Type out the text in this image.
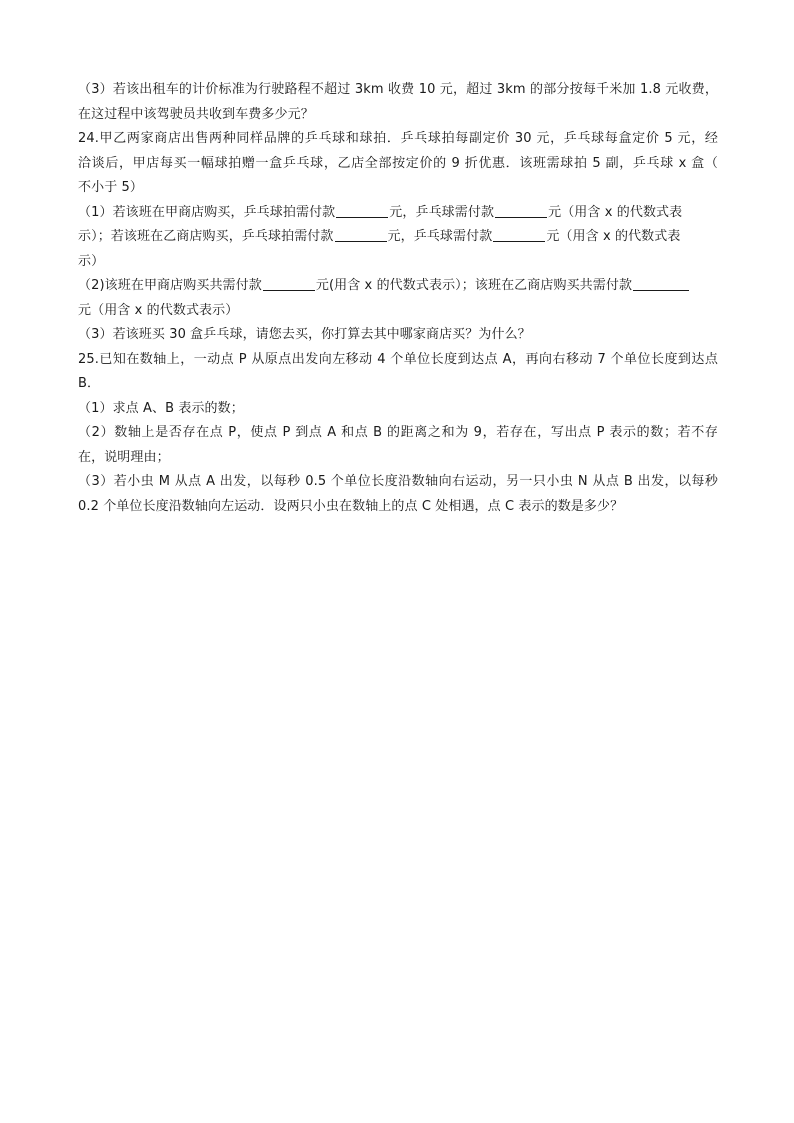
（3）若该出租车的计价标准为行驶路程不超过 3km 收费 10 元，超过 3km 的部分按每千米加 1.8 元收费，
在这过程中该驾驶员共收到车费多少元？
24.甲乙两家商店出售两种同样品牌的乒乓球和球拍．乒乓球拍每副定价 30 元，乒乓球每盒定价 5 元，经
洽谈后，甲店每买一幅球拍赠一盒乒乓球，乙店全部按定价的 9 折优惠．该班需球拍 5 副，乒乓球 x 盒（
不小于 5）
（1）若该班在甲商店购买，乒乓球拍需付款	元，乒乓球需付款	元（用含 x 的代数式表
示）；若该班在乙商店购买，乒乓球拍需付款	元，乒乓球需付款	元（用含 x 的代数式表
示）
（2)该班在甲商店购买共需付款	元(用含 x 的代数式表示）；该班在乙商店购买共需付款
元（用含 x 的代数式表示）
（3）若该班买 30 盒乒乓球，请您去买，你打算去其中哪家商店买？为什么？
25.已知在数轴上，一动点 P 从原点出发向左移动 4 个单位长度到达点 A，再向右移动 7 个单位长度到达点
B．
（1）求点 A、B 表示的数；
（2）数轴上是否存在点 P，使点 P 到点 A 和点 B 的距离之和为 9，若存在，写出点 P 表示的数；若不存
在，说明理由；
（3）若小虫 M 从点 A 出发，以每秒 0.5 个单位长度沿数轴向右运动，另一只小虫 N 从点 B 出发，以每秒
0.2 个单位长度沿数轴向左运动．设两只小虫在数轴上的点 C 处相遇，点 C 表示的数是多少？
